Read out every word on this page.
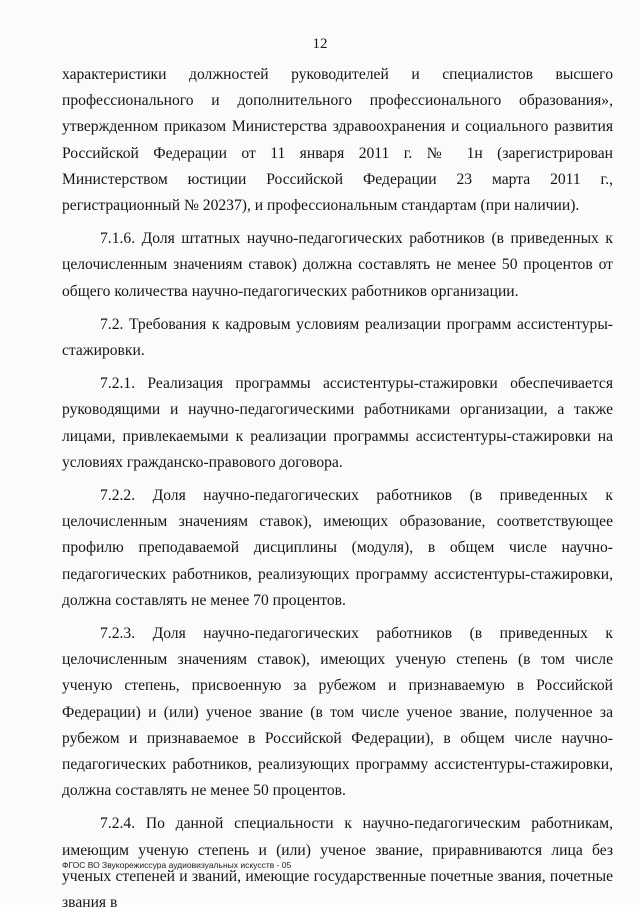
12

характеристики должностей руководителей и специалистов высшего профессионального и дополнительного профессионального образования», утвержденном приказом Министерства здравоохранения и социального развития Российской Федерации от 11 января 2011 г. № 1н (зарегистрирован Министерством юстиции Российской Федерации 23 марта 2011 г., регистрационный № 20237), и профессиональным стандартам (при наличии).

7.1.6. Доля штатных научно-педагогических работников (в приведенных к целочисленным значениям ставок) должна составлять не менее 50 процентов от общего количества научно-педагогических работников организации.

7.2. Требования к кадровым условиям реализации программ ассистентуры-стажировки.

7.2.1. Реализация программы ассистентуры-стажировки обеспечивается руководящими и научно-педагогическими работниками организации, а также лицами, привлекаемыми к реализации программы ассистентуры-стажировки на условиях гражданско-правового договора.

7.2.2. Доля научно-педагогических работников (в приведенных к целочисленным значениям ставок), имеющих образование, соответствующее профилю преподаваемой дисциплины (модуля), в общем числе научно-педагогических работников, реализующих программу ассистентуры-стажировки, должна составлять не менее 70 процентов.

7.2.3. Доля научно-педагогических работников (в приведенных к целочисленным значениям ставок), имеющих ученую степень (в том числе ученую степень, присвоенную за рубежом и признаваемую в Российской Федерации) и (или) ученое звание (в том числе ученое звание, полученное за рубежом и признаваемое в Российской Федерации), в общем числе научно-педагогических работников, реализующих программу ассистентуры-стажировки, должна составлять не менее 50 процентов.

7.2.4. По данной специальности к научно-педагогическим работникам, имеющим ученую степень и (или) ученое звание, приравниваются лица без ученых степеней и званий, имеющие государственные почетные звания, почетные звания в

ФГОС ВО Звукорежиссура аудиовизуальных искусств - 05
